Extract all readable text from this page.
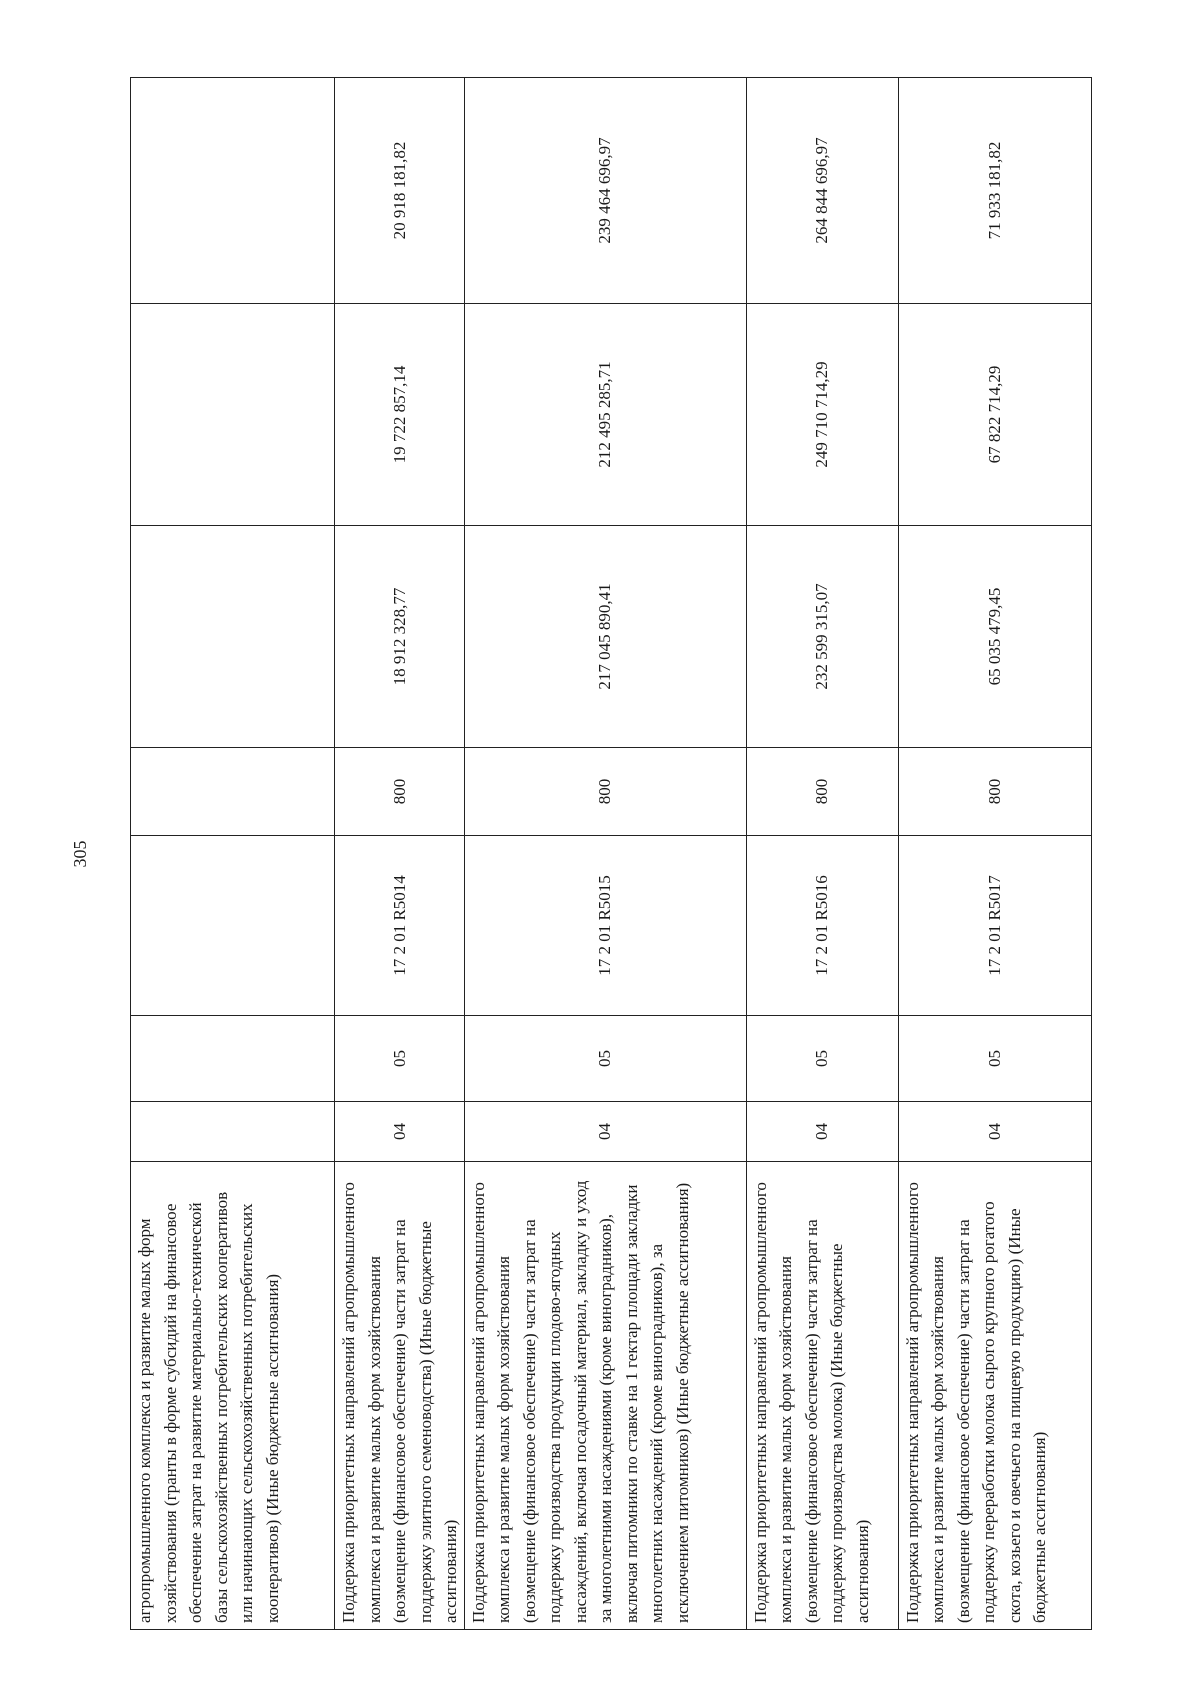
305
агропромышленного комплекса и развитие малых форм хозяйствования (гранты в форме субсидий на финансовое обеспечение затрат на развитие материально-технической базы сельскохозяйственных потребительских кооперативов или начинающих сельскохозяйственных потребительских кооперативов) (Иные бюджетные ассигнования)							
Поддержка приоритетных направлений агропромышленного комплекса и развитие малых форм хозяйствования (возмещение (финансовое обеспечение) части затрат на поддержку элитного семеноводства) (Иные бюджетные ассигнования)	04	05	17 2 01 R5014	800	18 912 328,77	19 722 857,14	20 918 181,82
Поддержка приоритетных направлений агропромышленного комплекса и развитие малых форм хозяйствования (возмещение (финансовое обеспечение) части затрат на поддержку производства продукции плодово-ягодных насаждений, включая посадочный материал, закладку и уход за многолетними насаждениями (кроме виноградников), включая питомники по ставке на 1 гектар площади закладки многолетних насаждений (кроме виноградников), за исключением питомников) (Иные бюджетные ассигнования)	04	05	17 2 01 R5015	800	217 045 890,41	212 495 285,71	239 464 696,97
Поддержка приоритетных направлений агропромышленного комплекса и развитие малых форм хозяйствования (возмещение (финансовое обеспечение) части затрат на поддержку производства молока) (Иные бюджетные ассигнования)	04	05	17 2 01 R5016	800	232 599 315,07	249 710 714,29	264 844 696,97
Поддержка приоритетных направлений агропромышленного комплекса и развитие малых форм хозяйствования (возмещение (финансовое обеспечение) части затрат на поддержку переработки молока сырого крупного рогатого скота, козьего и овечьего на пищевую продукцию) (Иные бюджетные ассигнования)	04	05	17 2 01 R5017	800	65 035 479,45	67 822 714,29	71 933 181,82
